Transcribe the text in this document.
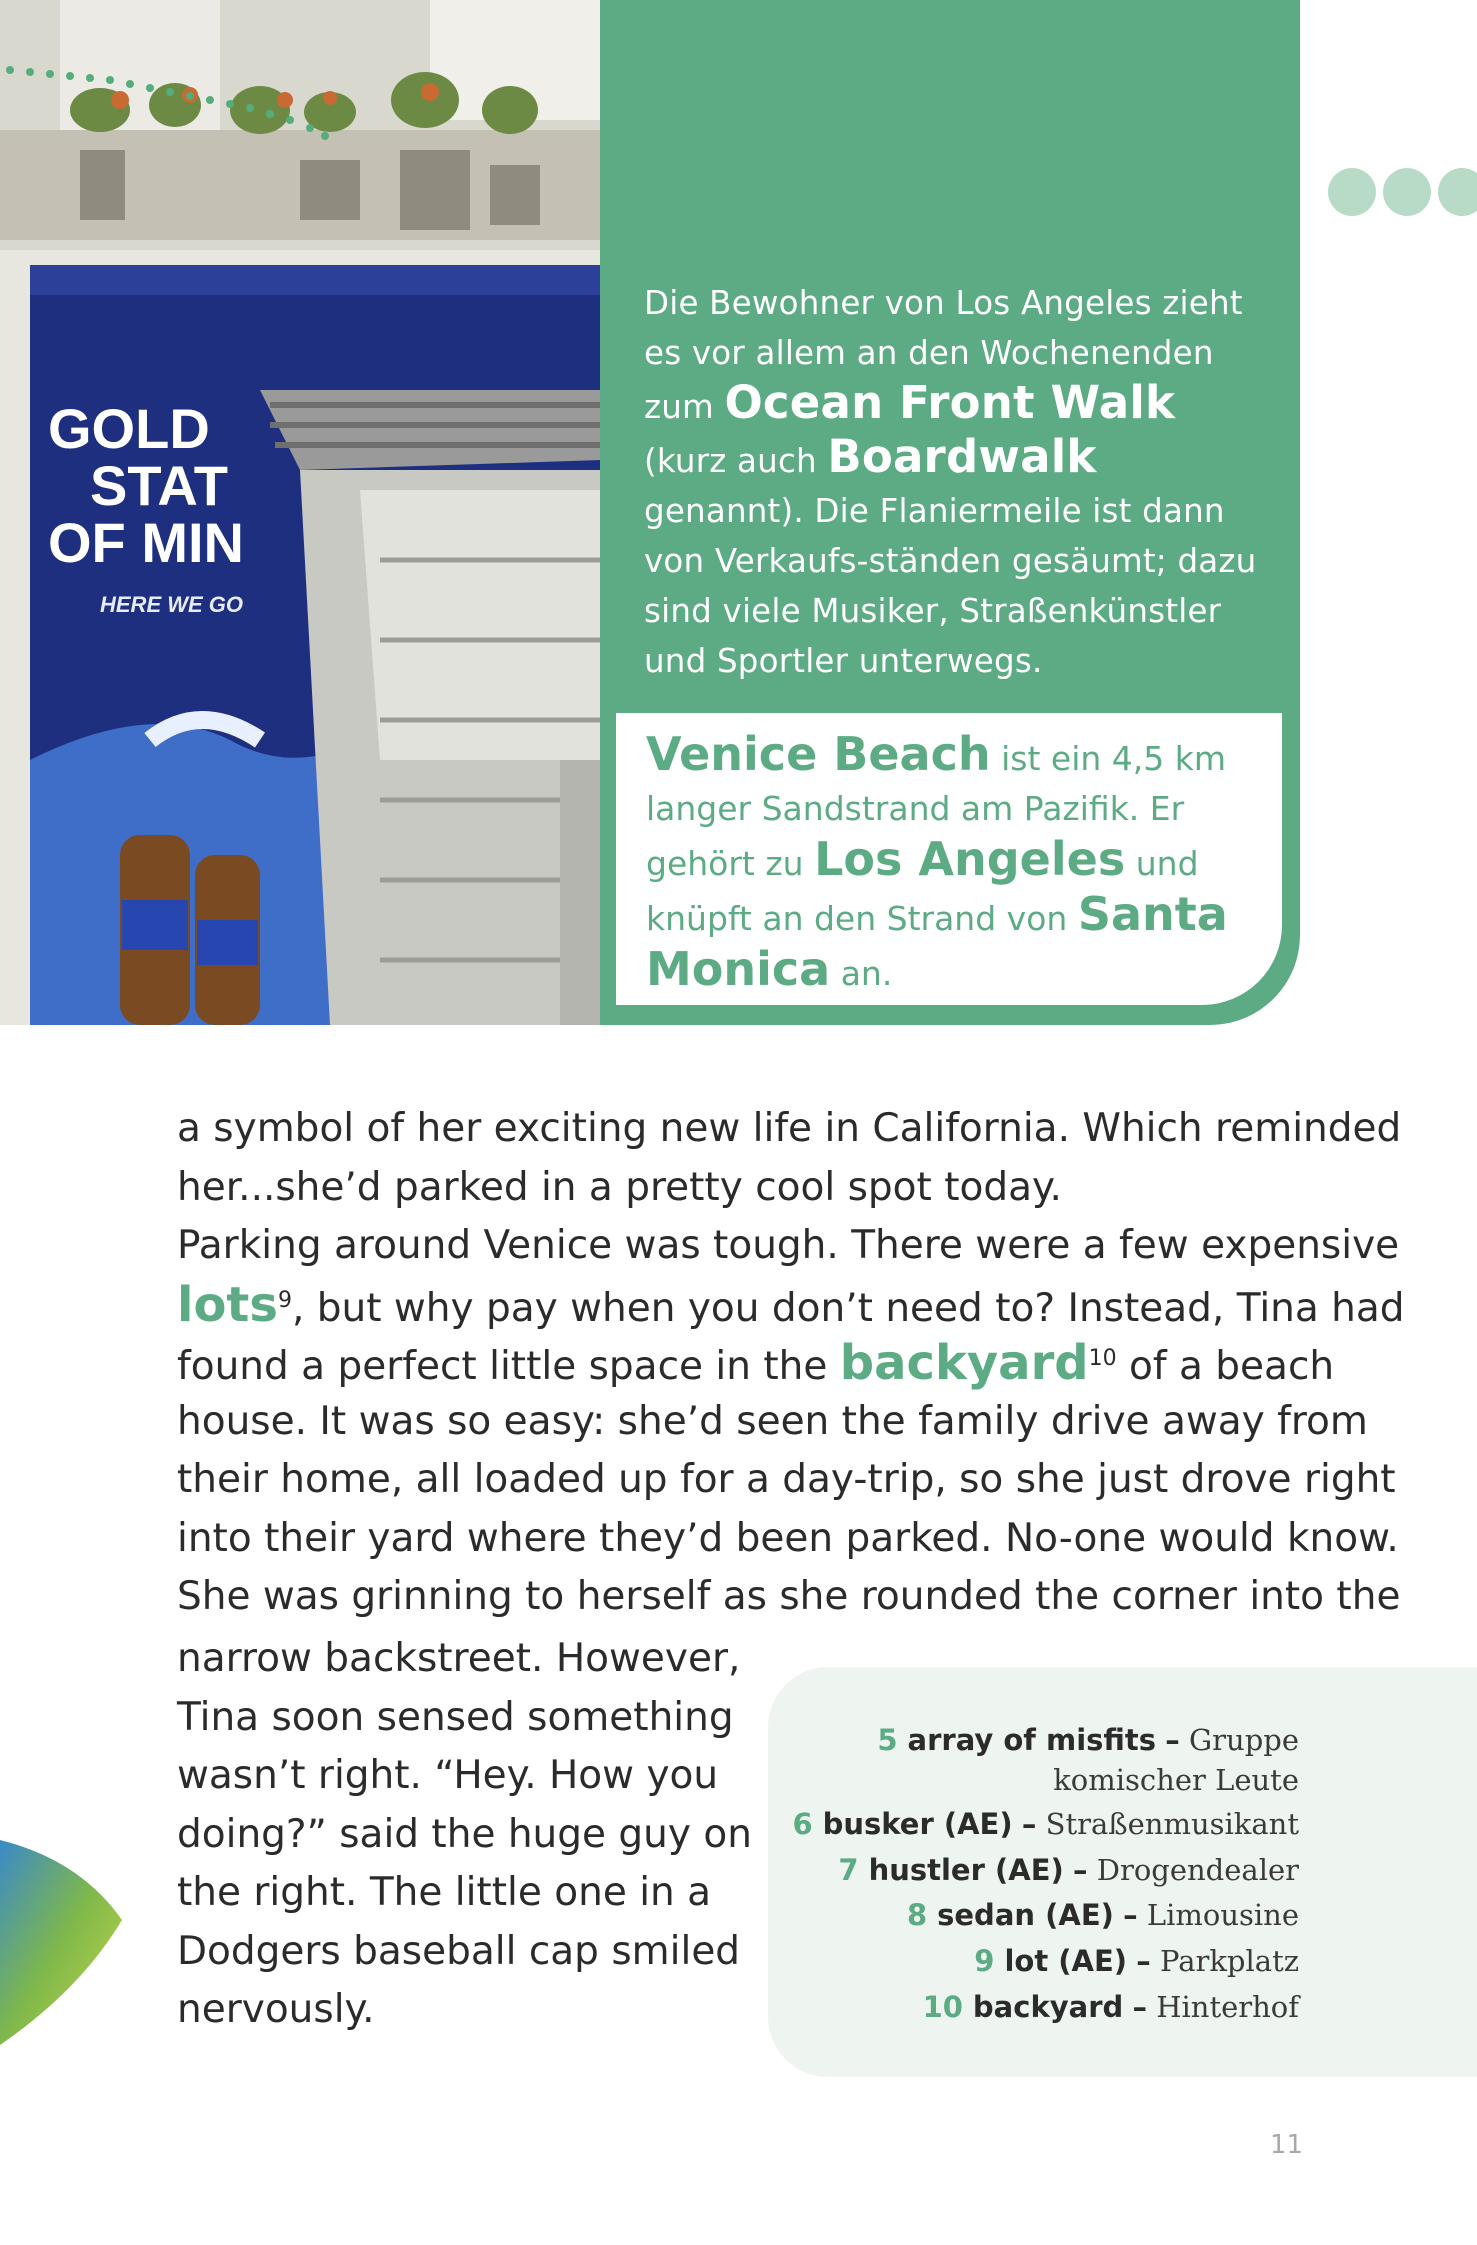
GOLD
STAT
OF MIN
HERE WE GO
Die Bewohner von Los Angeles zieht es vor allem an den Wochenenden zum Ocean Front Walk (kurz auch Boardwalk genannt). Die Flaniermeile ist dann von Verkaufs-ständen gesäumt; dazu sind viele Musiker, Straßenkünstler und Sportler unterwegs.
Venice Beach ist ein 4,5 km langer Sandstrand am Pazifik. Er gehört zu Los Angeles und knüpft an den Strand von Santa Monica an.
a symbol of her exciting new life in California. Which reminded
her...she’d parked in a pretty cool spot today.
Parking around Venice was tough. There were a few expensive
lots$^9$, but why pay when you don’t need to? Instead, Tina had
found a perfect little space in the backyard$^{10}$ of a beach
house. It was so easy: she’d seen the family drive away from
their home, all loaded up for a day-trip, so she just drove right
into their yard where they’d been parked. No-one would know.
She was grinning to herself as she rounded the corner into the
narrow backstreet. However,
Tina soon sensed something
wasn’t right. “Hey. How you
doing?” said the huge guy on
the right. The little one in a
Dodgers baseball cap smiled
nervously.
5 array of misfits – Gruppe
komischer Leute
6 busker (AE) – Straßenmusikant
7 hustler (AE) – Drogendealer
8 sedan (AE) – Limousine
9 lot (AE) – Parkplatz
10 backyard – Hinterhof
11
